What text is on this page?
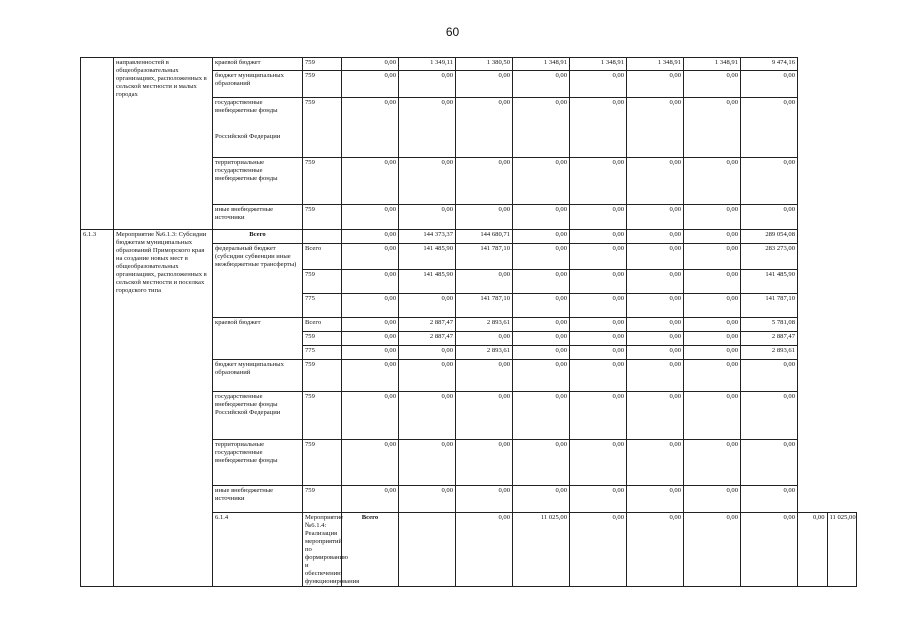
60
	направленностей в общеобразовательных организациях, расположенных в сельской местности и малых городах	краевой бюджет	759	0,00	1 349,11	1 380,50	1 348,91	1 348,91	1 348,91	1 348,91	9 474,16		

		бюджет муниципальных образований	759	0,00	0,00	0,00	0,00	0,00	0,00	0,00	0,00		

		государственные внебюджетные фонды
Российской Федерации	759	0,00	0,00	0,00	0,00	0,00	0,00	0,00	0,00		

		территориальные государственные внебюджетные фонды	759	0,00	0,00	0,00	0,00	0,00	0,00	0,00	0,00		

		иные внебюджетные источники	759	0,00	0,00	0,00	0,00	0,00	0,00	0,00	0,00		
6.1.3	Мероприятие №6.1.3: Субсидии бюджетам муниципальных образований Приморского края на создание новых мест в общеобразовательных организациях, расположенных в сельской местности и поселках городского типа	Всего		0,00	144 373,37	144 680,71	0,00	0,00	0,00	0,00	289 054,08		
		федеральный бюджет (субсидии субвенции иные межбюджетные трансферты)	Всего	0,00	141 485,90	141 787,10	0,00	0,00	0,00	0,00	283 273,00		
			759	0,00	141 485,90	0,00	0,00	0,00	0,00	0,00	141 485,90		
			775	0,00	0,00	141 787,10	0,00	0,00	0,00	0,00	141 787,10		
		краевой бюджет	Всего	0,00	2 887,47	2 893,61	0,00	0,00	0,00	0,00	5 781,08		
			759	0,00	2 887,47	0,00	0,00	0,00	0,00	0,00	2 887,47		
			775	0,00	0,00	2 893,61	0,00	0,00	0,00	0,00	2 893,61		
		бюджет муниципальных образований	759	0,00	0,00	0,00	0,00	0,00	0,00	0,00	0,00		
		государственные внебюджетные фонды Российской Федерации	759	0,00	0,00	0,00	0,00	0,00	0,00	0,00	0,00		
		территориальные государственные внебюджетные фонды	759	0,00	0,00	0,00	0,00	0,00	0,00	0,00	0,00		
		иные внебюджетные источники	759	0,00	0,00	0,00	0,00	0,00	0,00	0,00	0,00		
		6.1.4	Мероприятие №6.1.4: Реализация мероприятий по формированию и обеспечению функционирования	Всего		0,00	11 025,00	0,00	0,00	0,00	0,00	0,00	11 025,00
